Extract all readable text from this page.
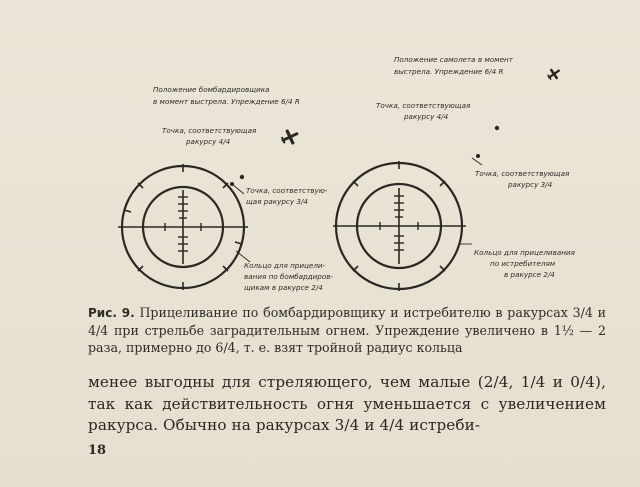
Положение бомбардировщика в момент выстрела. Упреждение 6/4 R
Точка, соответствующая ракурсу 4/4
Точка, соответствую- щая ракурсу 3/4
Кольцо для прицели- вания по бомбардиров- щикам в ракурсе 2/4
Положение самолета в момент выстрела. Упреждение 6/4 R
Точка, соответствующая ракурсу 4/4
Точка, соответствующая ракурсу 3/4
Кольцо для прицеливания по истребителям в ракурсе 2/4

Рис. 9. Прицеливание по бомбардировщику и истребителю в ракурсах 3/4 и 4/4 при стрельбе заградительным огнем. Упреждение увеличено в 1½ — 2 раза, примерно до 6/4, т. е. взят тройной радиус кольца

менее выгодны для стреляющего, чем малые (2/4, 1/4 и 0/4), так как действительность огня уменьшается с увеличением ракурса. Обычно на ракурсах 3/4 и 4/4 истреби-

18
